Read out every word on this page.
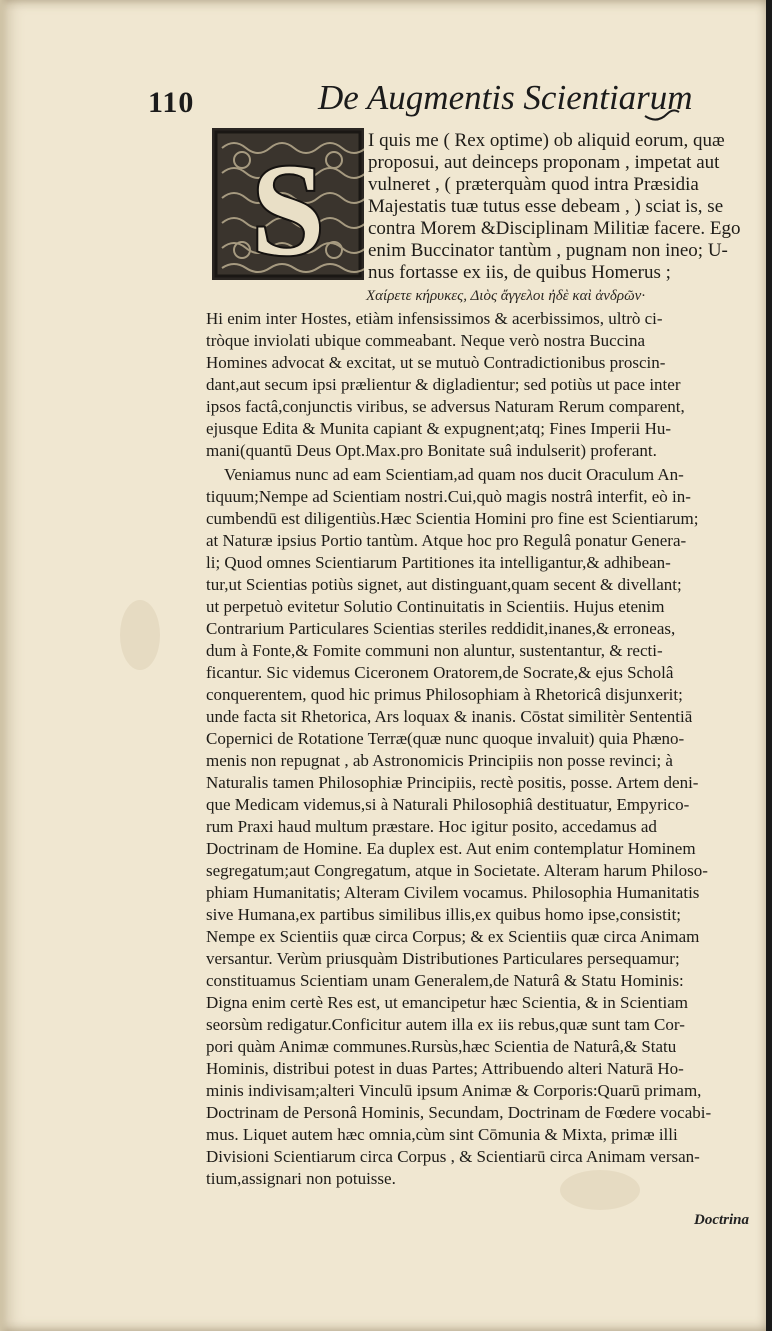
110	De Augmentis Scientiarum
S I quis me ( Rex optime) ob aliquid eorum, quæ
proposui, aut deinceps proponam , impetat aut
vulneret , ( præterquàm quod intra Præsidia
Majestatis tuæ tutus esse debeam , ) sciat is, se
contra Morem &Disciplinam Militiæ facere. Ego
enim Buccinator tantùm , pugnam non ineo; U-
nus fortasse ex iis, de quibus Homerus ;
Χαίρετε κήρυκες, Διὸς ἄγγελοι ἠδὲ καὶ ἀνδρῶν·
Hi enim inter Hostes, etiàm infensissimos & acerbissimos, ultrò ci-
tròque inviolati ubique commeabant. Neque verò nostra Buccina
Homines advocat & excitat, ut se mutuò Contradictionibus proscin-
dant,aut secum ipsi prælientur & digladientur; sed potiùs ut pace inter
ipsos factâ,conjunctis viribus, se adversus Naturam Rerum comparent,
ejusque Edita & Munita capiant & expugnent;atq; Fines Imperii Hu-
mani(quantū Deus Opt.Max.pro Bonitate suâ indulserit) proferant.
Veniamus nunc ad eam Scientiam,ad quam nos ducit Oraculum An-
tiquum;Nempe ad Scientiam nostri.Cui,quò magis nostrâ interfit, eò in-
cumbendū est diligentiùs.Hæc Scientia Homini pro fine est Scientiarum;
at Naturæ ipsius Portio tantùm. Atque hoc pro Regulâ ponatur Genera-
li; Quod omnes Scientiarum Partitiones ita intelligantur,& adhibean-
tur,ut Scientias potiùs signet, aut distinguant,quam secent & divellant;
ut perpetuò evitetur Solutio Continuitatis in Scientiis. Hujus etenim
Contrarium Particulares Scientias steriles reddidit,inanes,& erroneas,
dum à Fonte,& Fomite communi non aluntur, sustentantur, & recti-
ficantur. Sic videmus Ciceronem Oratorem,de Socrate,& ejus Scholâ
conquerentem, quod hic primus Philosophiam à Rhetoricâ disjunxerit;
unde facta sit Rhetorica, Ars loquax & inanis. Cōstat similitèr Sententiā
Copernici de Rotatione Terræ(quæ nunc quoque invaluit) quia Phæno-
menis non repugnat , ab Astronomicis Principiis non posse revinci; à
Naturalis tamen Philosophiæ Principiis, rectè positis, posse. Artem deni-
que Medicam videmus,si à Naturali Philosophiâ destituatur, Empyrico-
rum Praxi haud multum præstare. Hoc igitur posito, accedamus ad
Doctrinam de Homine. Ea duplex est. Aut enim contemplatur Hominem
segregatum;aut Congregatum, atque in Societate. Alteram harum Philoso-
phiam Humanitatis; Alteram Civilem vocamus. Philosophia Humanitatis
sive Humana,ex partibus similibus illis,ex quibus homo ipse,consistit;
Nempe ex Scientiis quæ circa Corpus; & ex Scientiis quæ circa Animam
versantur. Verùm priusquàm Distributiones Particulares persequamur;
constituamus Scientiam unam Generalem,de Naturâ & Statu Hominis:
Digna enim certè Res est, ut emancipetur hæc Scientia, & in Scientiam
seorsùm redigatur.Conficitur autem illa ex iis rebus,quæ sunt tam Cor-
pori quàm Animæ communes.Rursùs,hæc Scientia de Naturâ,& Statu
Hominis, distribui potest in duas Partes; Attribuendo alteri Naturā Ho-
minis indivisam;alteri Vinculū ipsum Animæ & Corporis:Quarū primam,
Doctrinam de Personâ Hominis, Secundam, Doctrinam de Fœdere vocabi-
mus. Liquet autem hæc omnia,cùm sint Cōmunia & Mixta, primæ illi
Divisioni Scientiarum circa Corpus , & Scientiarū circa Animam versan-
tium,assignari non potuisse.
Doctrina
